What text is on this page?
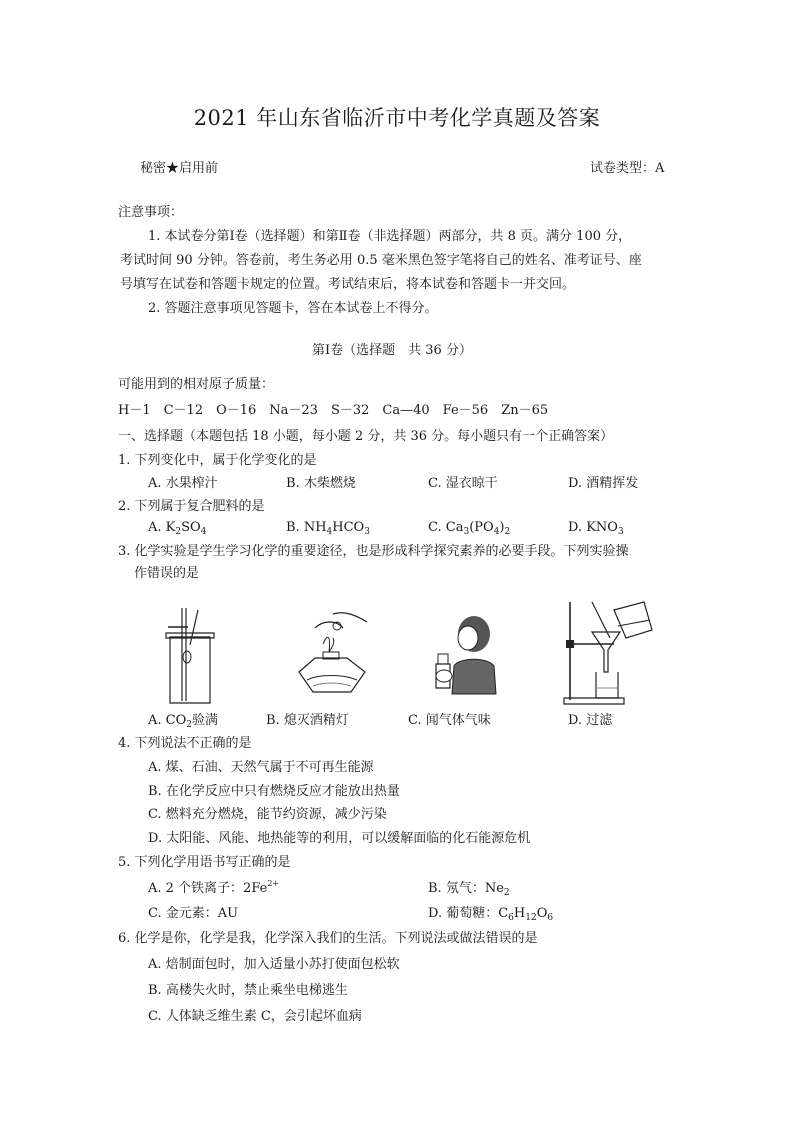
2021 年山东省临沂市中考化学真题及答案
秘密★启用前	试卷类型：A
注意事项：
1. 本试卷分第Ⅰ卷（选择题）和第Ⅱ卷（非选择题）两部分，共 8 页。满分 100 分，
考试时间 90 分钟。答卷前，考生务必用 0.5 毫米黑色签字笔将自己的姓名、准考证号、座
号填写在试卷和答题卡规定的位置。考试结束后，将本试卷和答题卡一并交回。
2. 答题注意事项见答题卡，答在本试卷上不得分。
第Ⅰ卷（选择题　共 36 分）
可能用到的相对原子质量：
H－1　C－12　O－16　Na－23　S－32　Ca—40　Fe－56　Zn－65
一、选择题（本题包括 18 小题，每小题 2 分，共 36 分。每小题只有一个正确答案）
1. 下列变化中，属于化学变化的是
A. 水果榨汁	B. 木柴燃烧	C. 湿衣晾干	D. 酒精挥发
2. 下列属于复合肥料的是
A. $K_2SO_4$	B. $NH_4HCO_3$	C. $Ca_3(PO_4)_2$	D. $KNO_3$
3. 化学实验是学生学习化学的重要途径，也是形成科学探究素养的必要手段。下列实验操
作错误的是
A. $CO_2$验满	B. 熄灭酒精灯	C. 闻气体气味	D. 过滤
4. 下列说法不正确的是
A. 煤、石油、天然气属于不可再生能源
B. 在化学反应中只有燃烧反应才能放出热量
C. 燃料充分燃烧，能节约资源，减少污染
D. 太阳能、风能、地热能等的利用，可以缓解面临的化石能源危机
5. 下列化学用语书写正确的是
A. 2 个铁离子：$2Fe^{2+}$	B. 氖气：$Ne_2$
C. 金元素：AU	D. 葡萄糖：$C_6H_{12}O_6$
6. 化学是你，化学是我，化学深入我们的生活。下列说法或做法错误的是
A. 焙制面包时，加入适量小苏打使面包松软
B. 高楼失火时，禁止乘坐电梯逃生
C. 人体缺乏维生素 C，会引起坏血病
